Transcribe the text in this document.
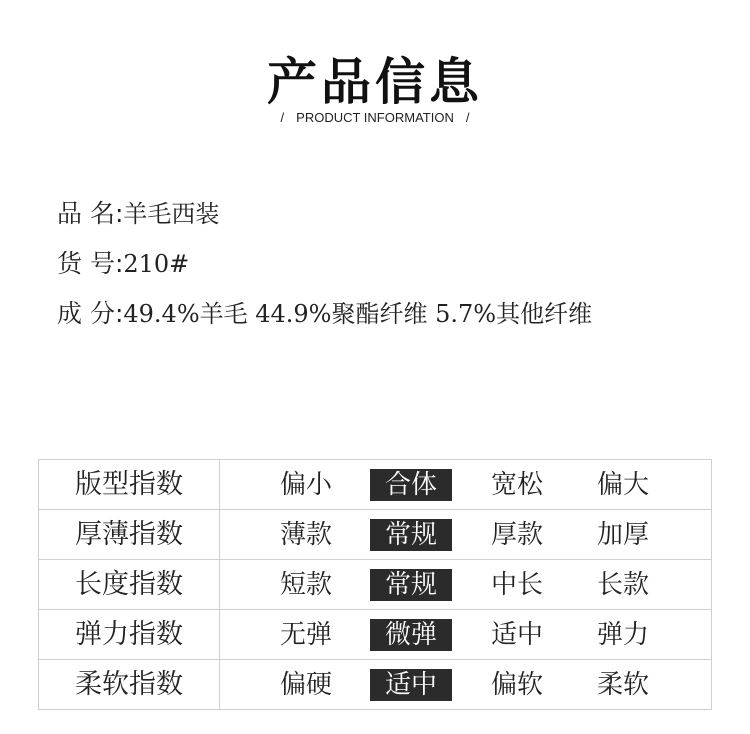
产品信息
/ PRODUCT INFORMATION /
品 名:羊毛西装
货 号:210#
成 分:49.4%羊毛 44.9%聚酯纤维 5.7%其他纤维
版型指数	偏小	合体	宽松	偏大
厚薄指数	薄款	常规	厚款	加厚
长度指数	短款	常规	中长	长款
弹力指数	无弹	微弹	适中	弹力
柔软指数	偏硬	适中	偏软	柔软
